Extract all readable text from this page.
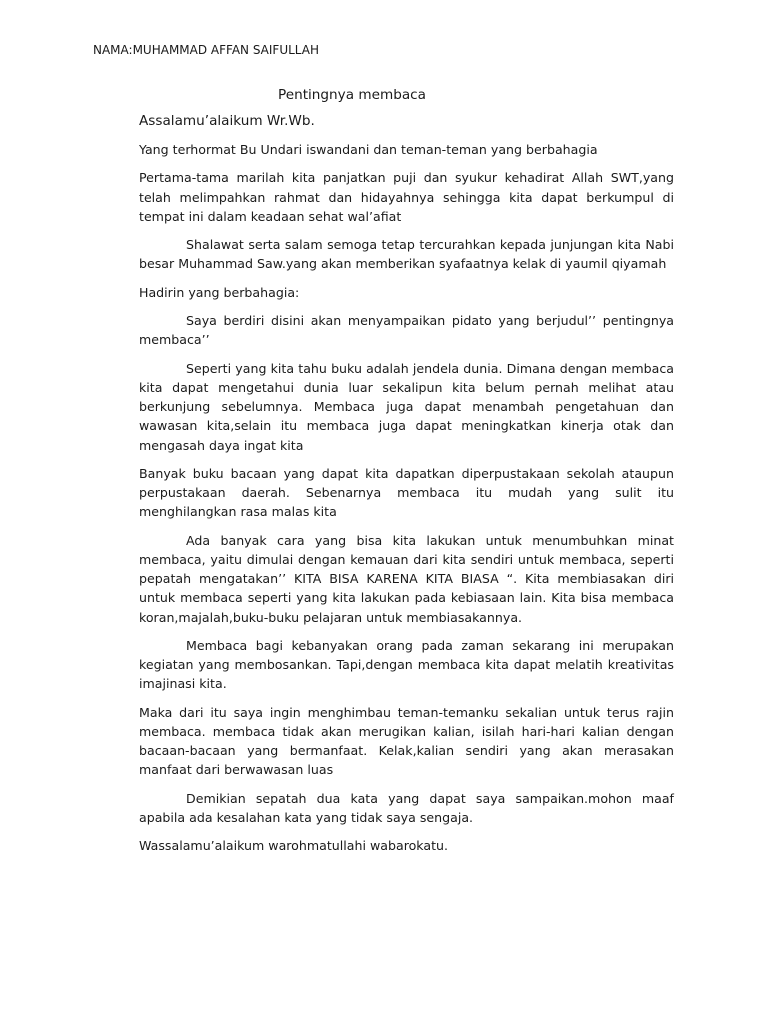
NAMA:MUHAMMAD AFFAN SAIFULLAH
Pentingnya membaca
Assalamu’alaikum Wr.Wb.

Yang terhormat Bu Undari iswandani dan teman-teman yang berbahagia

Pertama-tama marilah kita panjatkan puji dan syukur kehadirat Allah SWT,yang telah melimpahkan rahmat dan hidayahnya sehingga kita dapat berkumpul di tempat ini dalam keadaan sehat wal’afiat

Shalawat serta salam semoga tetap tercurahkan kepada junjungan kita Nabi besar Muhammad Saw.yang akan memberikan syafaatnya kelak di yaumil qiyamah

Hadirin yang berbahagia:

Saya berdiri disini akan menyampaikan pidato yang berjudul’’ pentingnya membaca’’

Seperti yang kita tahu buku adalah jendela dunia. Dimana dengan membaca kita dapat mengetahui dunia luar sekalipun kita belum pernah melihat atau berkunjung sebelumnya. Membaca juga dapat menambah pengetahuan dan wawasan kita,selain itu membaca juga dapat meningkatkan kinerja otak dan mengasah daya ingat kita

Banyak buku bacaan yang dapat kita dapatkan diperpustakaan sekolah ataupun perpustakaan daerah. Sebenarnya membaca itu mudah yang sulit itu menghilangkan rasa malas kita

Ada banyak cara yang bisa kita lakukan untuk menumbuhkan minat membaca, yaitu dimulai dengan kemauan dari kita sendiri untuk membaca, seperti pepatah mengatakan’’ KITA BISA KARENA KITA BIASA “. Kita membiasakan diri untuk membaca seperti yang kita lakukan pada kebiasaan lain. Kita bisa membaca koran,majalah,buku-buku pelajaran untuk membiasakannya.

Membaca bagi kebanyakan orang pada zaman sekarang ini merupakan kegiatan yang membosankan. Tapi,dengan membaca kita dapat melatih kreativitas imajinasi kita.

Maka dari itu saya ingin menghimbau teman-temanku sekalian untuk terus rajin membaca. membaca tidak akan merugikan kalian, isilah hari-hari kalian dengan bacaan-bacaan yang bermanfaat. Kelak,kalian sendiri yang akan merasakan manfaat dari berwawasan luas

Demikian sepatah dua kata yang dapat saya sampaikan.mohon maaf apabila ada kesalahan kata yang tidak saya sengaja.

Wassalamu’alaikum warohmatullahi wabarokatu.
